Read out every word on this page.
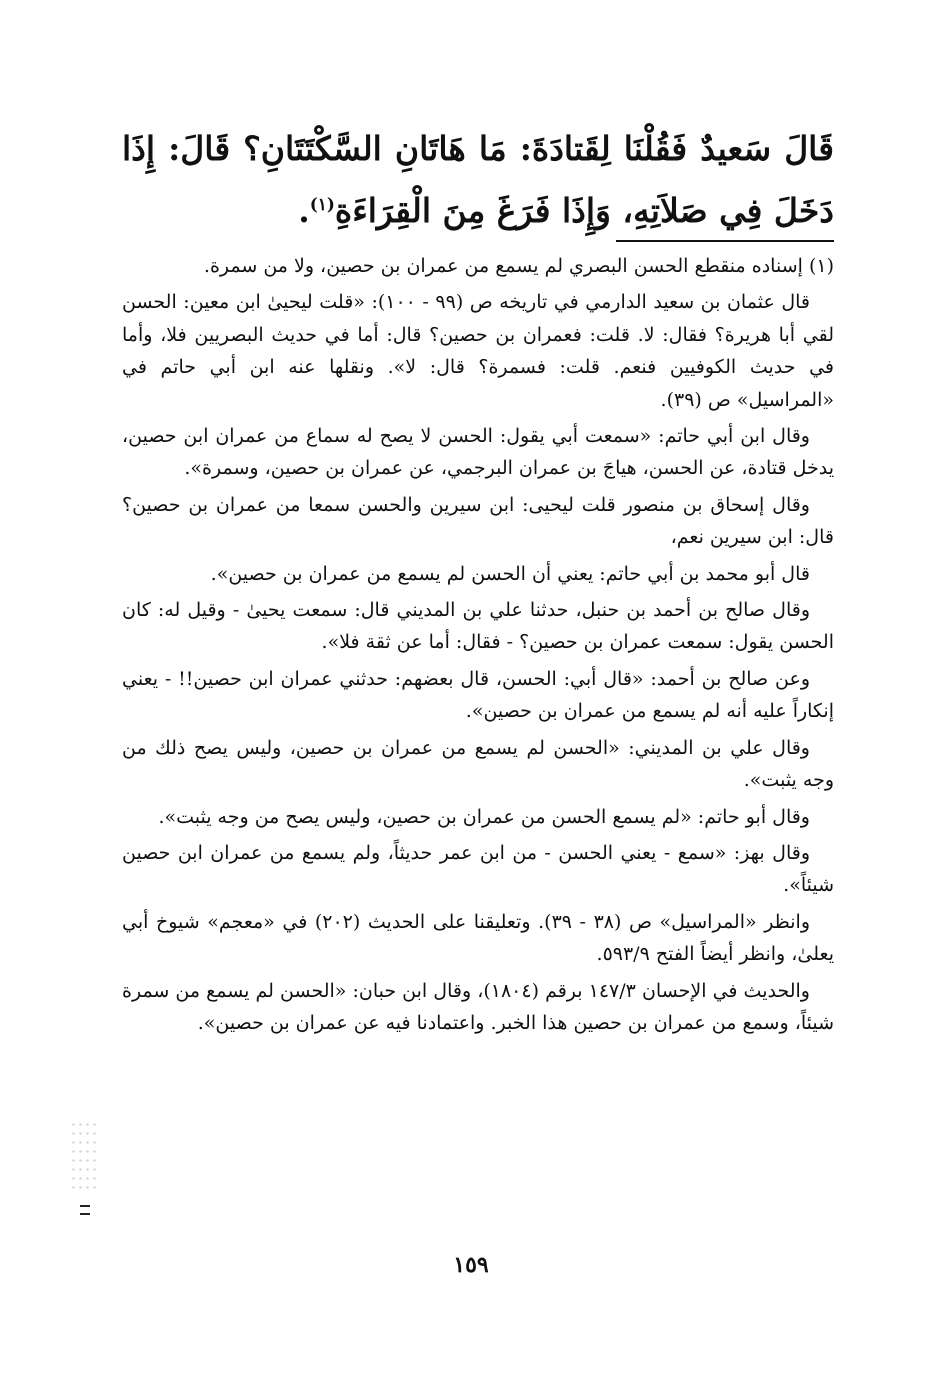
قَالَ سَعيدٌ فَقُلْنَا لِقَتادَةَ: مَا هَاتَانِ السَّكْتَتَانِ؟ قَالَ: إِذَا دَخَلَ فِي صَلاَتِهِ، وَإِذَا فَرَغَ مِنَ الْقِرَاءَةِ$^{(١)}$.

(١) إسناده منقطع الحسن البصري لم يسمع من عمران بن حصين، ولا من سمرة.

قال عثمان بن سعيد الدارمي في تاريخه ص (٩٩ - ١٠٠): «قلت ليحيىٰ ابن معين: الحسن لقي أبا هريرة؟ فقال: لا. قلت: فعمران بن حصين؟ قال: أما في حديث البصريين فلا، وأما في حديث الكوفيين فنعم. قلت: فسمرة؟ قال: لا». ونقلها عنه ابن أبي حاتم في «المراسيل» ص (٣٩).

وقال ابن أبي حاتم: «سمعت أبي يقول: الحسن لا يصح له سماع من عمران ابن حصين، يدخل قتادة، عن الحسن، هياجَ بن عمران البرجمي، عن عمران بن حصين، وسمرة».

وقال إسحاق بن منصور قلت ليحيى: ابن سيرين والحسن سمعا من عمران بن حصين؟ قال: ابن سيرين نعم،

قال أبو محمد بن أبي حاتم: يعني أن الحسن لم يسمع من عمران بن حصين».

وقال صالح بن أحمد بن حنبل، حدثنا علي بن المديني قال: سمعت يحيىٰ - وقيل له: كان الحسن يقول: سمعت عمران بن حصين؟ - فقال: أما عن ثقة فلا».

وعن صالح بن أحمد: «قال أبي: الحسن، قال بعضهم: حدثني عمران ابن حصين!! - يعني إنكاراً عليه أنه لم يسمع من عمران بن حصين».

وقال علي بن المديني: «الحسن لم يسمع من عمران بن حصين، وليس يصح ذلك من وجه يثبت».

وقال أبو حاتم: «لم يسمع الحسن من عمران بن حصين، وليس يصح من وجه يثبت».

وقال بهز: «سمع - يعني الحسن - من ابن عمر حديثاً، ولم يسمع من عمران ابن حصين شيئاً».

وانظر «المراسيل» ص (٣٨ - ٣٩). وتعليقنا على الحديث (٢٠٢) في «معجم» شيوخ أبي يعلىٰ، وانظر أيضاً الفتح ٥٩٣/٩.

والحديث في الإحسان ١٤٧/٣ برقم (١٨٠٤)، وقال ابن حبان: «الحسن لم يسمع من سمرة شيئاً، وسمع من عمران بن حصين هذا الخبر. واعتمادنا فيه عن عمران بن حصين».

١٥٩
